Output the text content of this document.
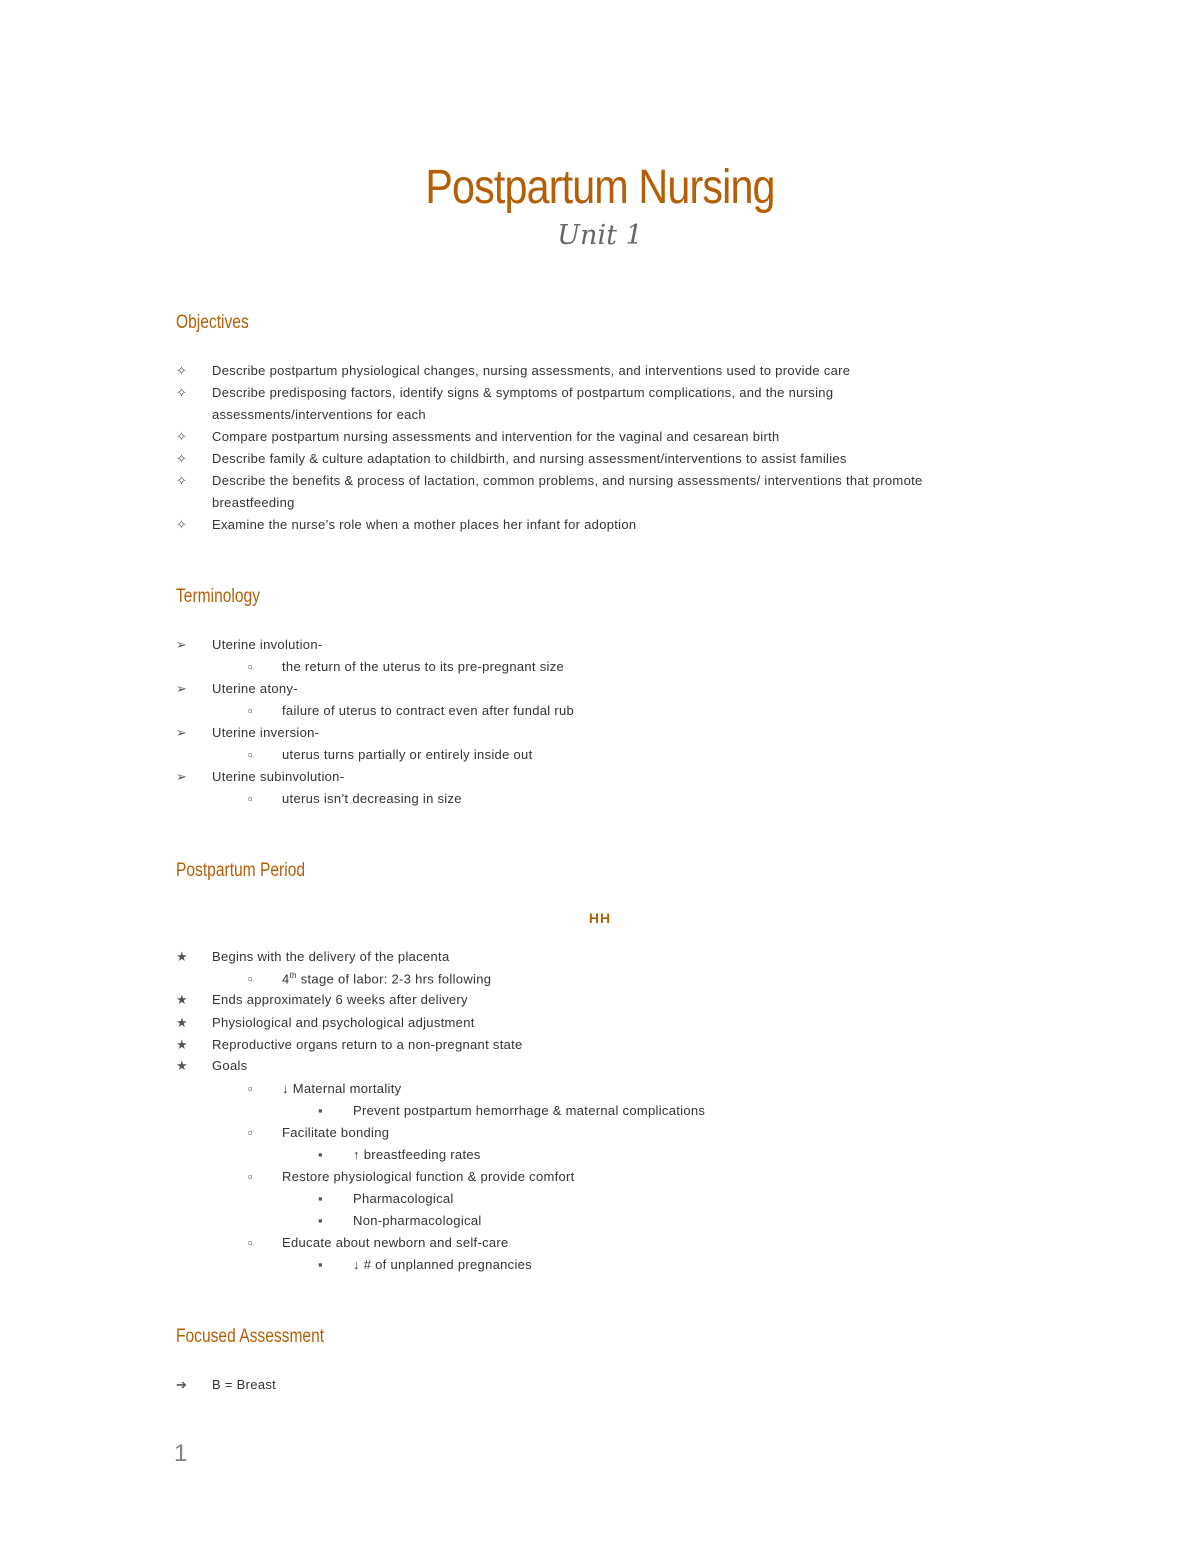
Postpartum Nursing
Unit 1
Objectives
✧ Describe postpartum physiological changes, nursing assessments, and interventions used to provide care
✧ Describe predisposing factors, identify signs & symptoms of postpartum complications, and the nursing
assessments/interventions for each
✧ Compare postpartum nursing assessments and intervention for the vaginal and cesarean birth
✧ Describe family & culture adaptation to childbirth, and nursing assessment/interventions to assist families
✧ Describe the benefits & process of lactation, common problems, and nursing assessments/ interventions that promote
breastfeeding
✧ Examine the nurse’s role when a mother places her infant for adoption
Terminology
➢ Uterine involution-
▫ the return of the uterus to its pre-pregnant size
➢ Uterine atony-
▫ failure of uterus to contract even after fundal rub
➢ Uterine inversion-
▫ uterus turns partially or entirely inside out
➢ Uterine subinvolution-
▫ uterus isn’t decreasing in size
Postpartum Period
HH
★ Begins with the delivery of the placenta
▫ 4th stage of labor: 2-3 hrs following
★ Ends approximately 6 weeks after delivery
★ Physiological and psychological adjustment
★ Reproductive organs return to a non-pregnant state
★ Goals
▫ ↓ Maternal mortality
▪ Prevent postpartum hemorrhage & maternal complications
▫ Facilitate bonding
▪ ↑ breastfeeding rates
▫ Restore physiological function & provide comfort
▪ Pharmacological
▪ Non-pharmacological
▫ Educate about newborn and self-care
▪ ↓ # of unplanned pregnancies
Focused Assessment
➔ B = Breast
1
